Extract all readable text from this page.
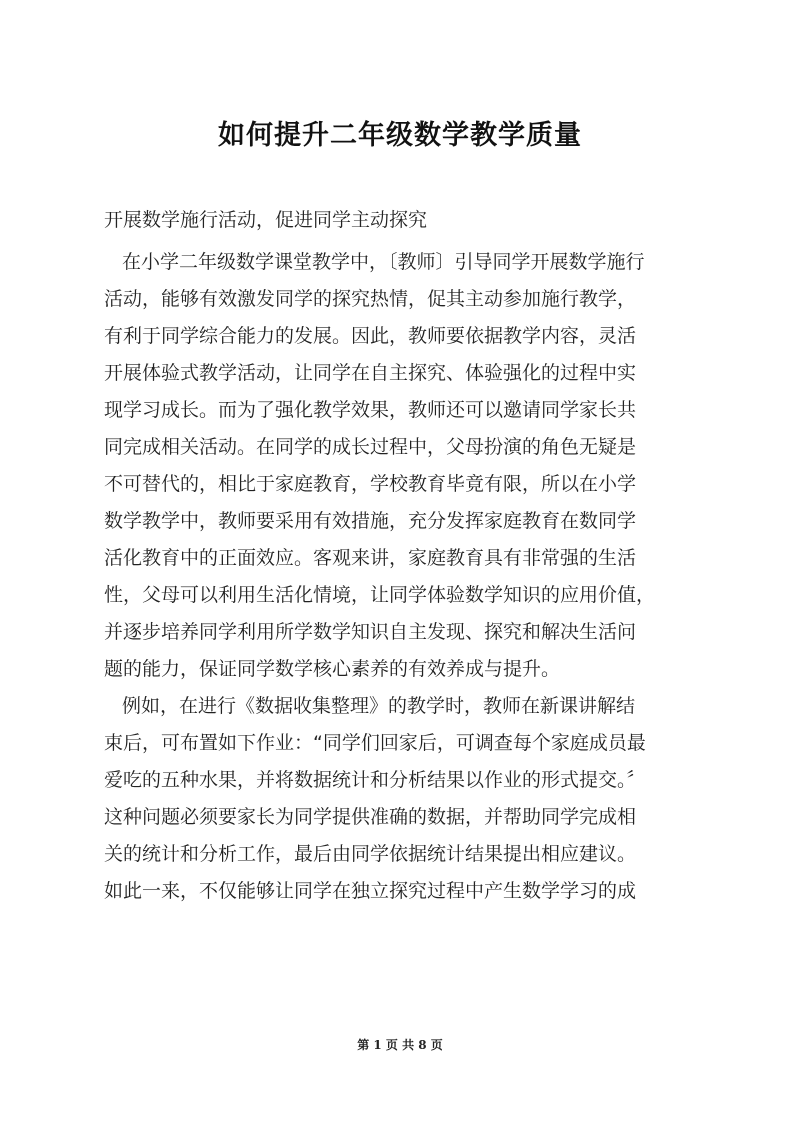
如何提升二年级数学教学质量
开展数学施行活动，促进同学主动探究
在小学二年级数学课堂教学中，〔教师〕引导同学开展数学施行
活动，能够有效激发同学的探究热情，促其主动参加施行教学，
有利于同学综合能力的发展。因此，教师要依据教学内容，灵活
开展体验式教学活动，让同学在自主探究、体验强化的过程中实
现学习成长。而为了强化教学效果，教师还可以邀请同学家长共
同完成相关活动。在同学的成长过程中，父母扮演的角色无疑是
不可替代的，相比于家庭教育，学校教育毕竟有限，所以在小学
数学教学中，教师要采用有效措施，充分发挥家庭教育在数同学
活化教育中的正面效应。客观来讲，家庭教育具有非常强的生活
性，父母可以利用生活化情境，让同学体验数学知识的应用价值，
并逐步培养同学利用所学数学知识自主发现、探究和解决生活问
题的能力，保证同学数学核心素养的有效养成与提升。
例如，在进行《数据收集整理》的教学时，教师在新课讲解结
束后，可布置如下作业：“同学们回家后，可调查每个家庭成员最
爱吃的五种水果，并将数据统计和分析结果以作业的形式提交。〞
这种问题必须要家长为同学提供准确的数据，并帮助同学完成相
关的统计和分析工作，最后由同学依据统计结果提出相应建议。
如此一来，不仅能够让同学在独立探究过程中产生数学学习的成
第 1 页 共 8 页
